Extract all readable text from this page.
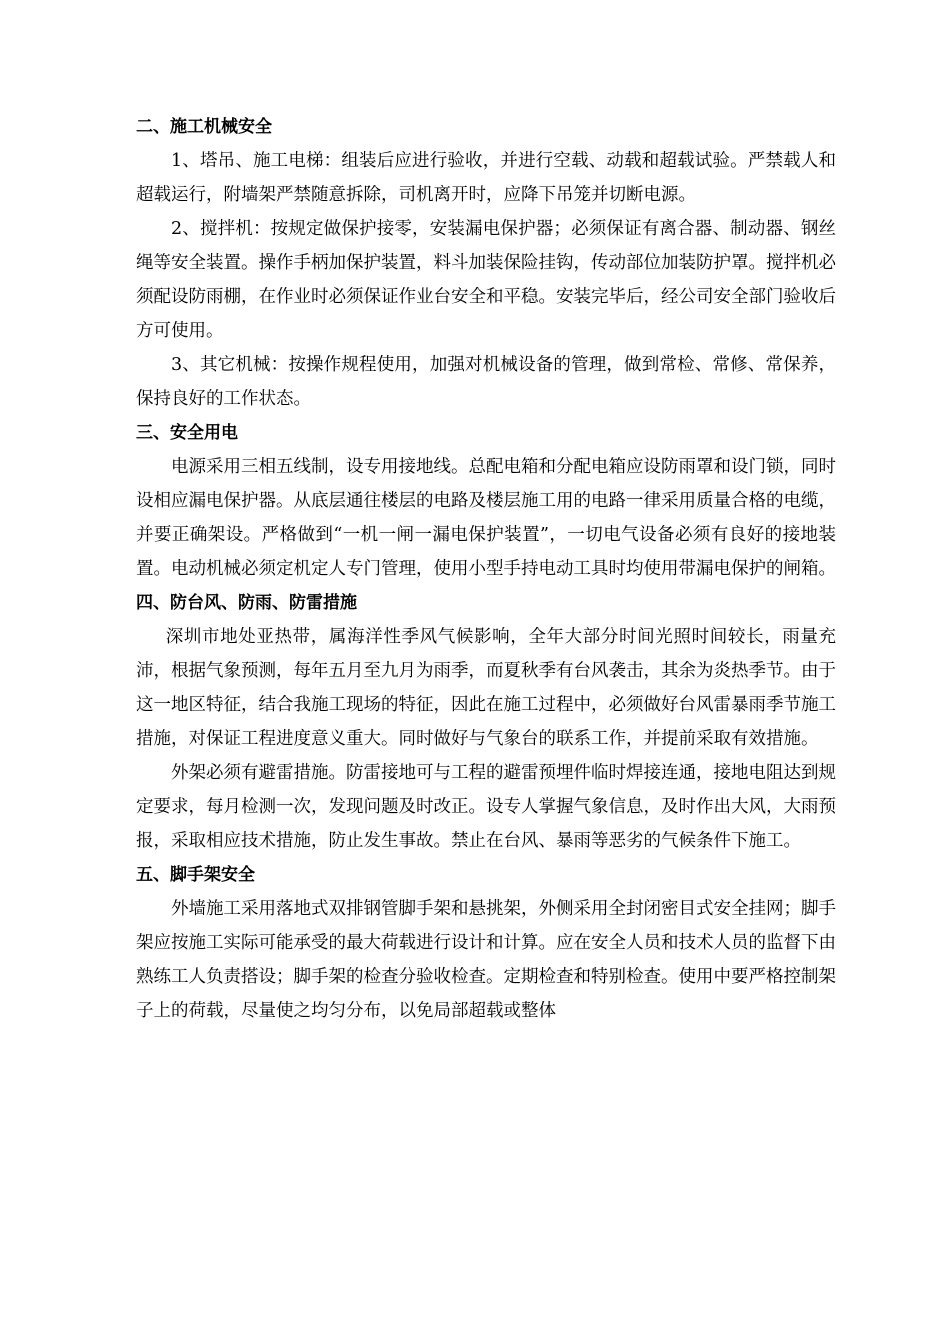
二、施工机械安全

1、塔吊、施工电梯：组装后应进行验收，并进行空载、动载和超载试验。严禁载人和超载运行，附墙架严禁随意拆除，司机离开时，应降下吊笼并切断电源。

2、搅拌机：按规定做保护接零，安装漏电保护器；必须保证有离合器、制动器、钢丝绳等安全装置。操作手柄加保护装置，料斗加装保险挂钩，传动部位加装防护罩。搅拌机必须配设防雨棚，在作业时必须保证作业台安全和平稳。安装完毕后，经公司安全部门验收后方可使用。

3、其它机械：按操作规程使用，加强对机械设备的管理，做到常检、常修、常保养，保持良好的工作状态。

三、安全用电

电源采用三相五线制，设专用接地线。总配电箱和分配电箱应设防雨罩和设门锁，同时设相应漏电保护器。从底层通往楼层的电路及楼层施工用的电路一律采用质量合格的电缆，并要正确架设。严格做到“一机一闸一漏电保护装置”，一切电气设备必须有良好的接地装置。电动机械必须定机定人专门管理，使用小型手持电动工具时均使用带漏电保护的闸箱。

四、防台风、防雨、防雷措施

深圳市地处亚热带，属海洋性季风气候影响，全年大部分时间光照时间较长，雨量充沛，根据气象预测，每年五月至九月为雨季，而夏秋季有台风袭击，其余为炎热季节。由于这一地区特征，结合我施工现场的特征，因此在施工过程中，必须做好台风雷暴雨季节施工措施，对保证工程进度意义重大。同时做好与气象台的联系工作，并提前采取有效措施。

外架必须有避雷措施。防雷接地可与工程的避雷预埋件临时焊接连通，接地电阻达到规定要求，每月检测一次，发现问题及时改正。设专人掌握气象信息，及时作出大风，大雨预报，采取相应技术措施，防止发生事故。禁止在台风、暴雨等恶劣的气候条件下施工。

五、脚手架安全

外墙施工采用落地式双排钢管脚手架和悬挑架，外侧采用全封闭密目式安全挂网；脚手架应按施工实际可能承受的最大荷载进行设计和计算。应在安全人员和技术人员的监督下由熟练工人负责搭设；脚手架的检查分验收检查。定期检查和特别检查。使用中要严格控制架子上的荷载，尽量使之均匀分布，以免局部超载或整体
